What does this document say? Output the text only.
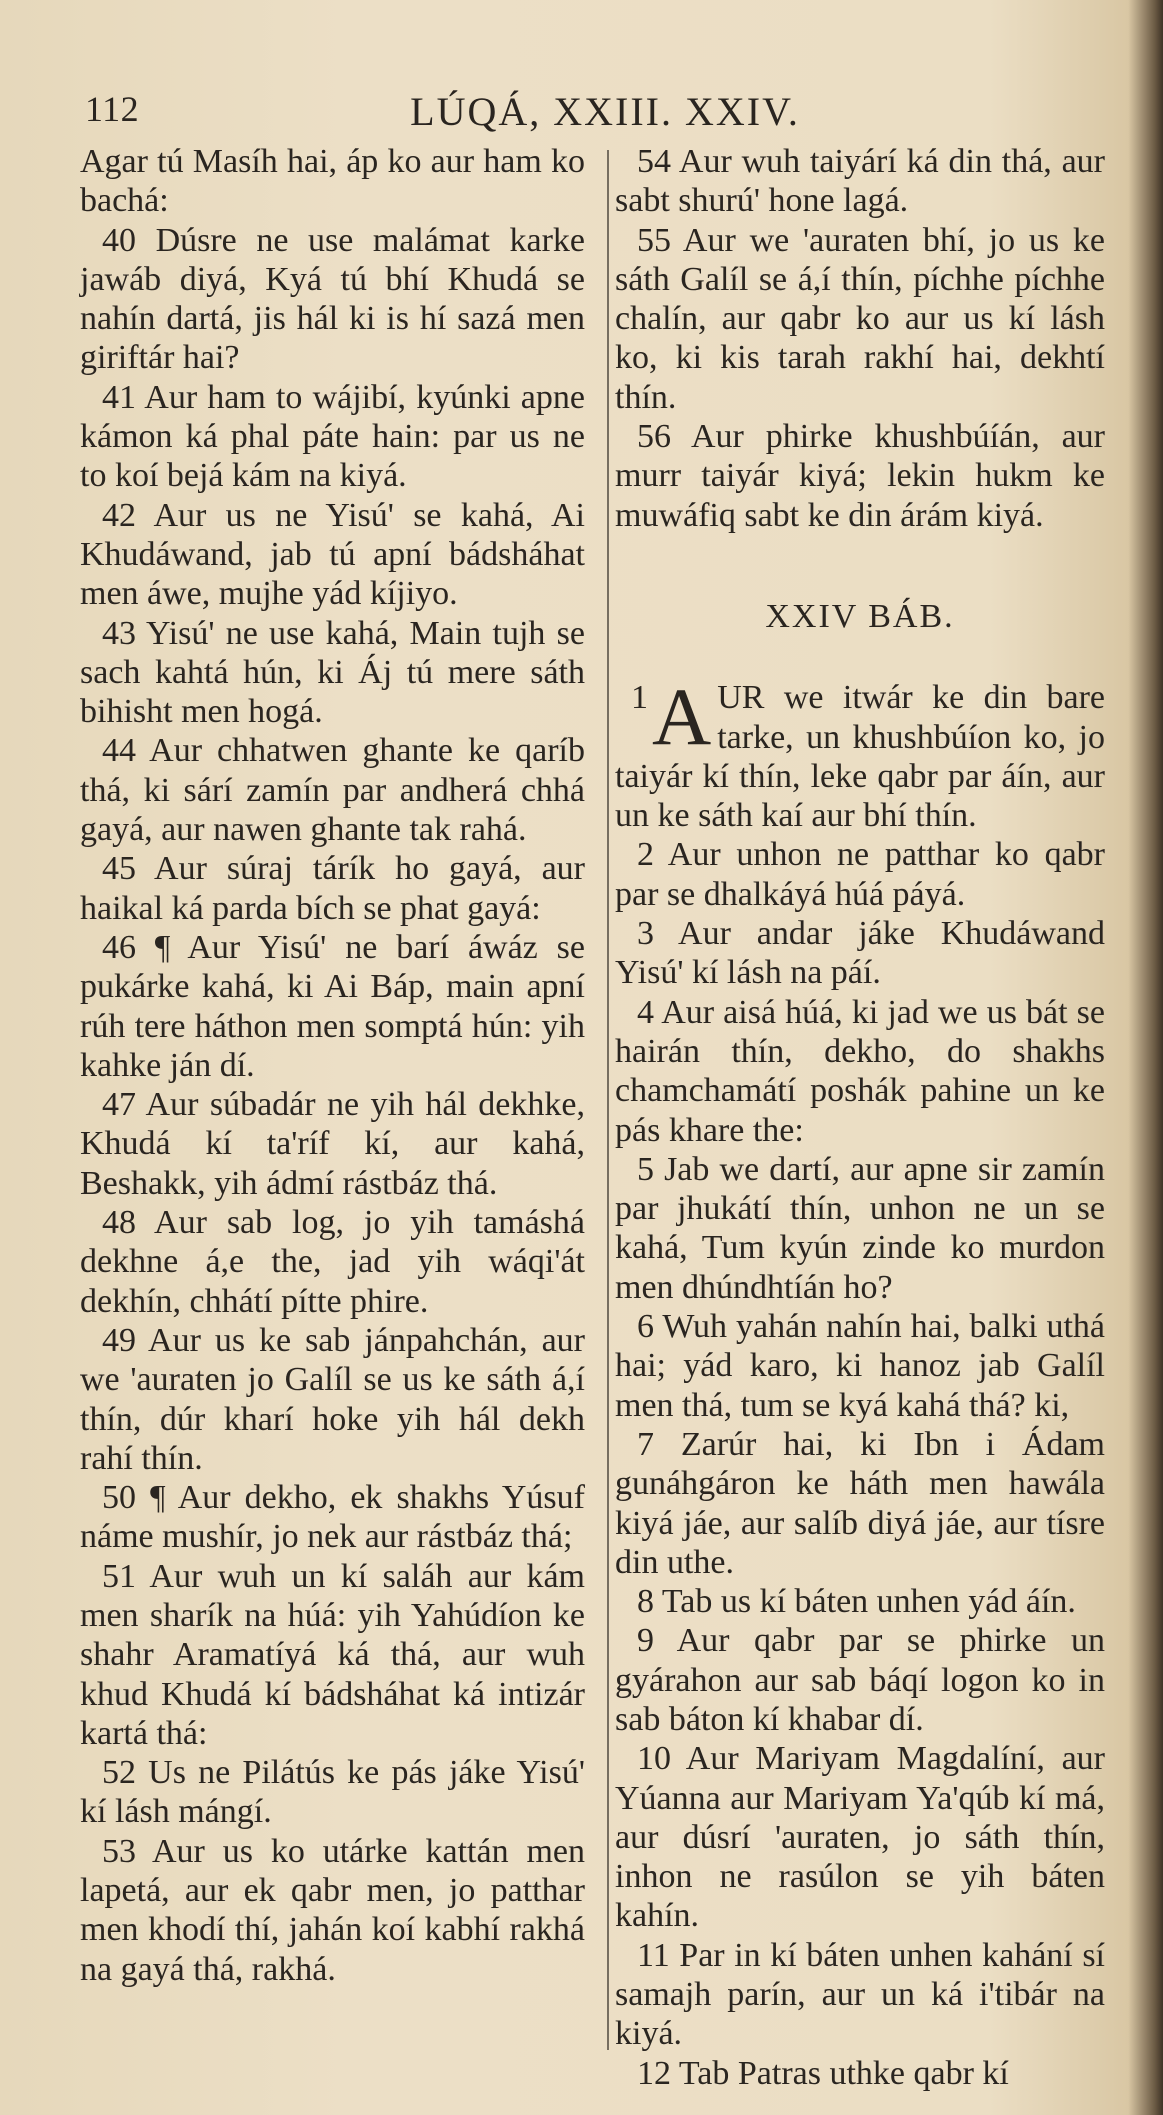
112	LÚQÁ, XXIII. XXIV.

Agar tú Masíh hai, áp ko aur ham ko bachá:

40 Dúsre ne use malámat karke jawáb diyá, Kyá tú bhí Khudá se nahín dartá, jis hál ki is hí sazá men giriftár hai?

41 Aur ham to wájibí, kyúnki apne kámon ká phal páte hain: par us ne to koí bejá kám na kiyá.

42 Aur us ne Yisú' se kahá, Ai Khudáwand, jab tú apní bádsháhat men áwe, mujhe yád kíjiyo.

43 Yisú' ne use kahá, Main tujh se sach kahtá hún, ki Áj tú mere sáth bihisht men hogá.

44 Aur chhatwen ghante ke qaríb thá, ki sárí zamín par andherá chhá gayá, aur nawen ghante tak rahá.

45 Aur súraj tárík ho gayá, aur haikal ká parda bích se phat gayá:

46 ¶ Aur Yisú' ne barí áwáz se pukárke kahá, ki Ai Báp, main apní rúh tere háthon men somptá hún: yih kahke ján dí.

47 Aur súbadár ne yih hál dekhke, Khudá kí ta'ríf kí, aur kahá, Beshakk, yih ádmí rástbáz thá.

48 Aur sab log, jo yih tamáshá dekhne á,e the, jad yih wáqi'át dekhín, chhátí pítte phire.

49 Aur us ke sab jánpahchán, aur we 'auraten jo Galíl se us ke sáth á,í thín, dúr kharí hoke yih hál dekh rahí thín.

50 ¶ Aur dekho, ek shakhs Yúsuf náme mushír, jo nek aur rástbáz thá;

51 Aur wuh un kí saláh aur kám men sharík na húá: yih Yahúdíon ke shahr Aramatíyá ká thá, aur wuh khud Khudá kí bádsháhat ká intizár kartá thá:

52 Us ne Pilátús ke pás jáke Yisú' kí lásh mángí.

53 Aur us ko utárke kattán men lapetá, aur ek qabr men, jo patthar men khodí thí, jahán koí kabhí rakhá na gayá thá, rakhá.

54 Aur wuh taiyárí ká din thá, aur sabt shurú' hone lagá.

55 Aur we 'auraten bhí, jo us ke sáth Galíl se á,í thín, píchhe píchhe chalín, aur qabr ko aur us kí lásh ko, ki kis tarah rakhí hai, dekhtí thín.

56 Aur phirke khushbúíán, aur murr taiyár kiyá; lekin hukm ke muwáfiq sabt ke din árám kiyá.

XXIV BÁB.

1 A UR we itwár ke din bare tarke, un khushbúíon ko, jo taiyár kí thín, leke qabr par áín, aur un ke sáth kaí aur bhí thín.

2 Aur unhon ne patthar ko qabr par se dhalkáyá húá páyá.

3 Aur andar jáke Khudáwand Yisú' kí lásh na páí.

4 Aur aisá húá, ki jad we us bát se hairán thín, dekho, do shakhs chamchamátí poshák pahine un ke pás khare the:

5 Jab we dartí, aur apne sir zamín par jhukátí thín, unhon ne un se kahá, Tum kyún zinde ko murdon men dhúndhtíán ho?

6 Wuh yahán nahín hai, balki uthá hai; yád karo, ki hanoz jab Galíl men thá, tum se kyá kahá thá? ki,

7 Zarúr hai, ki Ibn i Ádam gunáhgáron ke háth men hawála kiyá jáe, aur salíb diyá jáe, aur tísre din uthe.

8 Tab us kí báten unhen yád áín.

9 Aur qabr par se phirke un gyárahon aur sab báqí logon ko in sab báton kí khabar dí.

10 Aur Mariyam Magdalíní, aur Yúanna aur Mariyam Ya'qúb kí má, aur dúsrí 'auraten, jo sáth thín, inhon ne rasúlon se yih báten kahín.

11 Par in kí báten unhen kahání sí samajh parín, aur un ká i'tibár na kiyá.

12 Tab Patras uthke qabr kí
